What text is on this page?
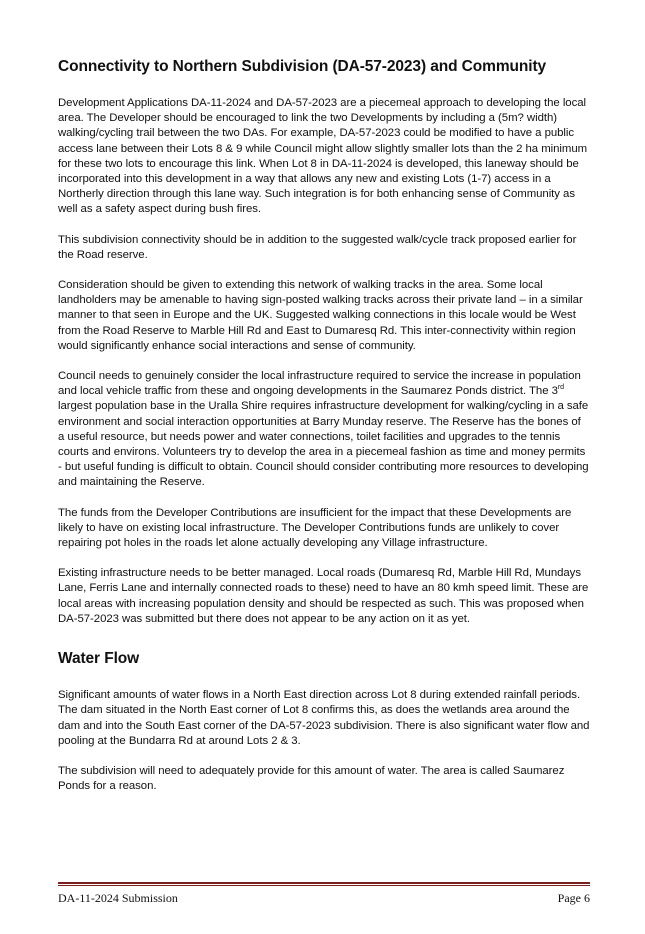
Connectivity to Northern Subdivision (DA-57-2023) and Community

Development Applications DA-11-2024 and DA-57-2023 are a piecemeal approach to developing the local area. The Developer should be encouraged to link the two Developments by including a (5m? width) walking/cycling trail between the two DAs. For example, DA-57-2023 could be modified to have a public access lane between their Lots 8 & 9 while Council might allow slightly smaller lots than the 2 ha minimum for these two lots to encourage this link. When Lot 8 in DA-11-2024 is developed, this laneway should be incorporated into this development in a way that allows any new and existing Lots (1-7) access in a Northerly direction through this lane way. Such integration is for both enhancing sense of Community as well as a safety aspect during bush fires.

This subdivision connectivity should be in addition to the suggested walk/cycle track proposed earlier for the Road reserve.

Consideration should be given to extending this network of walking tracks in the area. Some local landholders may be amenable to having sign-posted walking tracks across their private land – in a similar manner to that seen in Europe and the UK. Suggested walking connections in this locale would be West from the Road Reserve to Marble Hill Rd and East to Dumaresq Rd. This inter-connectivity within region would significantly enhance social interactions and sense of community.

Council needs to genuinely consider the local infrastructure required to service the increase in population and local vehicle traffic from these and ongoing developments in the Saumarez Ponds district. The 3rd largest population base in the Uralla Shire requires infrastructure development for walking/cycling in a safe environment and social interaction opportunities at Barry Munday reserve. The Reserve has the bones of a useful resource, but needs power and water connections, toilet facilities and upgrades to the tennis courts and environs. Volunteers try to develop the area in a piecemeal fashion as time and money permits - but useful funding is difficult to obtain. Council should consider contributing more resources to developing and maintaining the Reserve.

The funds from the Developer Contributions are insufficient for the impact that these Developments are likely to have on existing local infrastructure. The Developer Contributions funds are unlikely to cover repairing pot holes in the roads let alone actually developing any Village infrastructure.

Existing infrastructure needs to be better managed. Local roads (Dumaresq Rd, Marble Hill Rd, Mundays Lane, Ferris Lane and internally connected roads to these) need to have an 80 kmh speed limit. These are local areas with increasing population density and should be respected as such. This was proposed when DA-57-2023 was submitted but there does not appear to be any action on it as yet.

Water Flow

Significant amounts of water flows in a North East direction across Lot 8 during extended rainfall periods. The dam situated in the North East corner of Lot 8 confirms this, as does the wetlands area around the dam and into the South East corner of the DA-57-2023 subdivision. There is also significant water flow and pooling at the Bundarra Rd at around Lots 2 & 3.

The subdivision will need to adequately provide for this amount of water. The area is called Saumarez Ponds for a reason.

DA-11-2024 Submission	Page 6
